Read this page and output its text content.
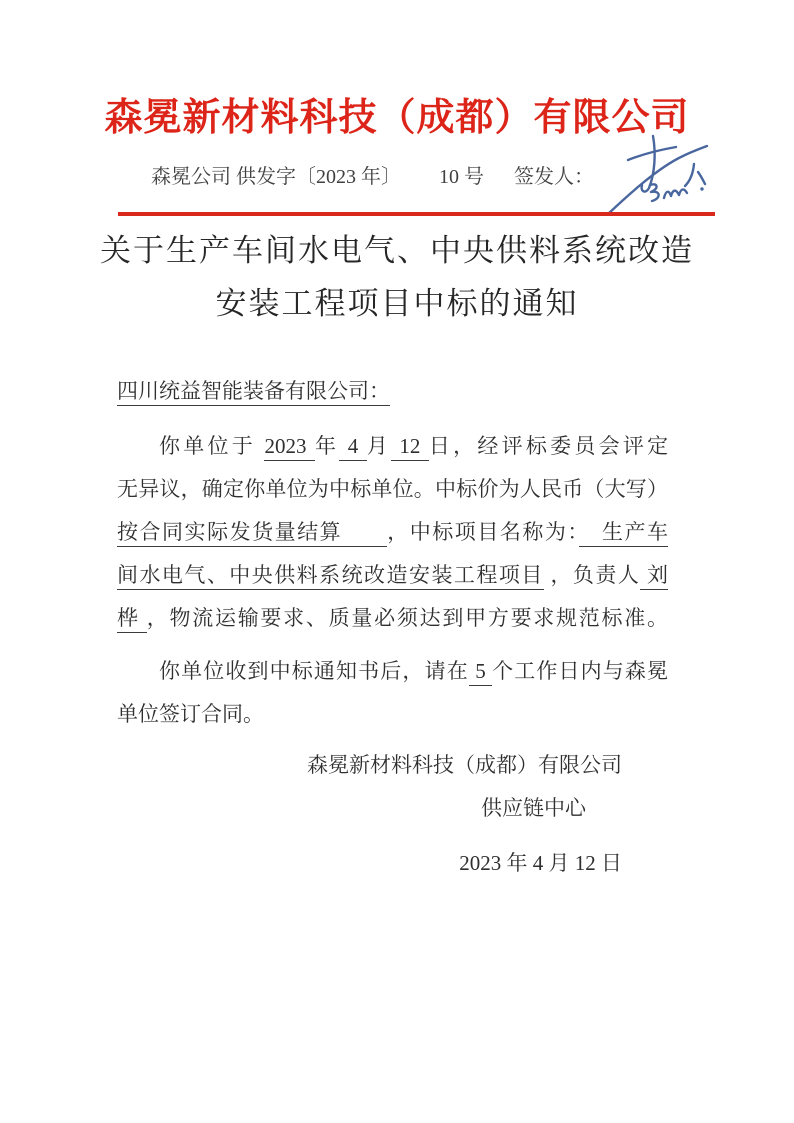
森冕新材料科技（成都）有限公司
森冕公司 供发字〔2023 年〕 10 号 签发人：
关于生产车间水电气、中央供料系统改造
安装工程项目中标的通知
四川统益智能装备有限公司：
你单位于 2023 年 4 月 12 日，经评标委员会评定
无异议，确定你单位为中标单位。中标价为人民币（大写）
按合同实际发货量结算　　，中标项目名称为：　生产车
间水电气、中央供料系统改造安装工程项目 ，负责人 刘
桦 ，物流运输要求、质量必须达到甲方要求规范标准。
你单位收到中标通知书后，请在 5 个工作日内与森冕
单位签订合同。
森冕新材料科技（成都）有限公司
供应链中心
2023 年 4 月 12 日
